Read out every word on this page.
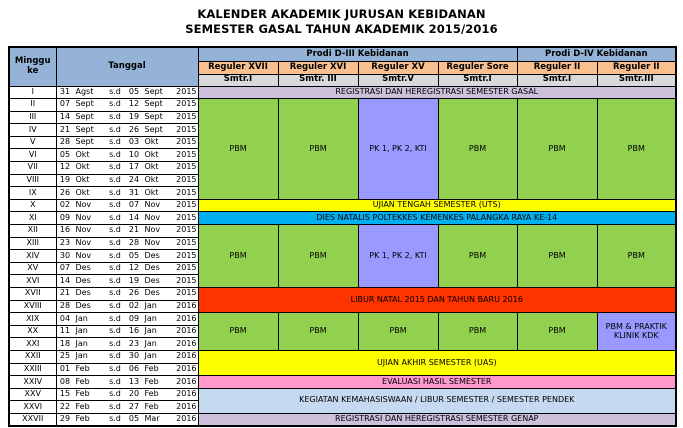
KALENDER AKADEMIK JURUSAN KEBIDANAN
SEMESTER GASAL TAHUN AKADEMIK 2015/2016
Minggu ke	Tanggal	Prodi D-III Kebidanan				Prodi D-IV Kebidanan	
		Reguler XVII	Reguler XVI	Reguler XV	Reguler Sore	Reguler II	Reguler II
		Smtr.I	Smtr. III	Smtr.V	Smtr.I	Smtr.I	Smtr.III
I	31 Agst	s.d	05 Sept	2015	REGISTRASI DAN HEREGISTRASI SEMESTER GASAL
II	07 Sept	s.d	12 Sept	2015
	PBM	PBM	PK 1, PK 2, KTI	PBM	PBM	PBM
III	14 Sept	s.d	19 Sept	2015

IV	21 Sept	s.d	26 Sept	2015

V	28 Sept	s.d	03 Okt	2015

VI	05 Okt	s.d	10 Okt	2015

VII	12 Okt	s.d	17 Okt	2015

VIII	19 Okt	s.d	24 Okt	2015

IX	26 Okt	s.d	31 Okt	2015

X	02 Nov	s.d	07 Nov	2015	UJIAN TENGAH SEMESTER (UTS)
XI	09 Nov	s.d	14 Nov	2015	DIES NATALIS POLTEKKES KEMENKES PALANGKA RAYA KE-14
XII	16 Nov	s.d	21 Nov	2015
	PBM	PBM	PK 1, PK 2, KTI	PBM	PBM	PBM
XIII	23 Nov	s.d	28 Nov	2015

XIV	30 Nov	s.d	05 Des	2015

XV	07 Des	s.d	12 Des	2015

XVI	14 Des	s.d	19 Des	2015

XVII	21 Des	s.d	26 Des	2015
	LIBUR NATAL 2015 DAN TAHUN BARU 2016
XVIII	28 Des	s.d	02 Jan	2016

XIX	04 Jan	s.d	09 Jan	2016
	PBM	PBM	PBM	PBM	PBM	PBM & PRAKTIK KLINIK KDK
XX	11 Jan	s.d	16 Jan	2016

XXI	18 Jan	s.d	23 Jan	2016

XXII	25 Jan	s.d	30 Jan	2016
	UJIAN AKHIR SEMESTER (UAS)
XXIII	01 Feb	s.d	06 Feb	2016

XXIV	08 Feb	s.d	13 Feb	2016	EVALUASI HASIL SEMESTER
XXV	15 Feb	s.d	20 Feb	2016
	KEGIATAN KEMAHASISWAAN / LIBUR SEMESTER / SEMESTER PENDEK
XXVI	22 Feb	s.d	27 Feb	2016

XXVII	29 Feb	s.d	05 Mar	2016	REGISTRASI DAN HEREGISTRASI SEMESTER GENAP
